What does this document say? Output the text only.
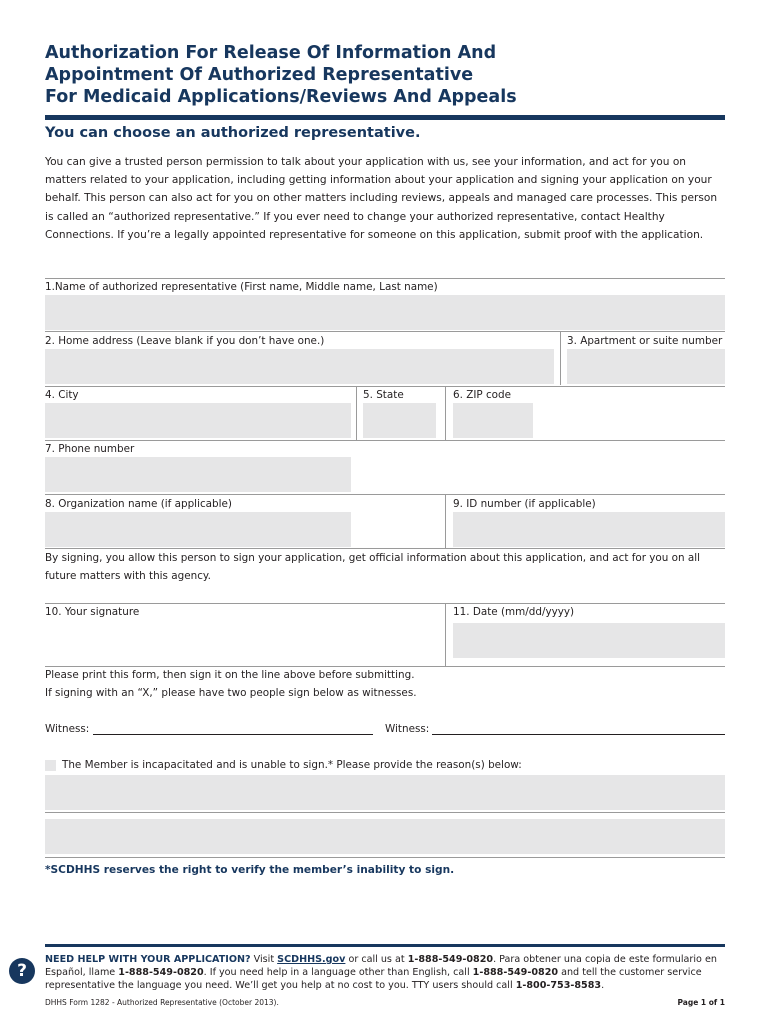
Authorization For Release Of Information And
Appointment Of Authorized Representative
For Medicaid Applications/Reviews And Appeals
You can choose an authorized representative.
You can give a trusted person permission to talk about your application with us, see your information, and act for you on matters related to your application, including getting information about your application and signing your application on your behalf. This person can also act for you on other matters including reviews, appeals and managed care processes. This person is called an “authorized representative.” If you ever need to change your authorized representative, contact Healthy Connections. If you’re a legally appointed representative for someone on this application, submit proof with the application.
1.Name of authorized representative (First name, Middle name, Last name)
2. Home address (Leave blank if you don’t have one.)	3. Apartment or suite number
4. City	5. State	6. ZIP code
7. Phone number
8. Organization name (if applicable)	9. ID number (if applicable)
By signing, you allow this person to sign your application, get official information about this application, and act for you on all
future matters with this agency.
10. Your signature	11. Date (mm/dd/yyyy)
Please print this form, then sign it on the line above before submitting.
If signing with an “X,” please have two people sign below as witnesses.
Witness:	Witness:
The Member is incapacitated and is unable to sign.* Please provide the reason(s) below:
*SCDHHS reserves the right to verify the member’s inability to sign.
?
NEED HELP WITH YOUR APPLICATION? Visit SCDHHS.gov or call us at 1-888-549-0820. Para obtener una copia de este formulario en Español, llame 1-888-549-0820. If you need help in a language other than English, call 1-888-549-0820 and tell the customer service representative the language you need. We’ll get you help at no cost to you. TTY users should call 1-800-753-8583.
DHHS Form 1282 - Authorized Representative (October 2013).	Page 1 of 1
